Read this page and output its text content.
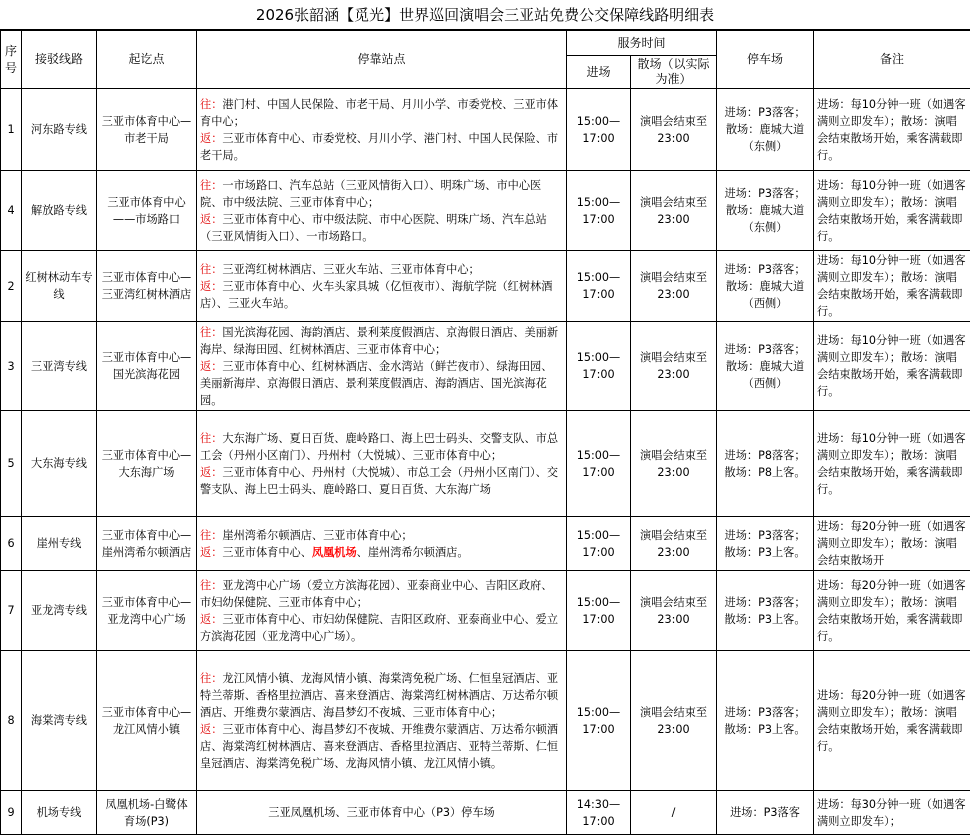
2026张韶涵【觅光】世界巡回演唱会三亚站免费公交保障线路明细表
序号	接驳线路	起讫点	停靠站点	服务时间		停车场	备注
				进场	散场（以实际为准）		
1	河东路专线	三亚市体育中心—市老干局	往：港门村、中国人民保险、市老干局、月川小学、市委党校、三亚市体育中心；
返：三亚市体育中心、市委党校、月川小学、港门村、中国人民保险、市老干局。	15:00—17:00	演唱会结束至23:00	进场：P3落客；散场：鹿城大道（东侧）	进场：每10分钟一班（如遇客满则立即发车）；散场：演唱会结束散场开始，乘客满载即行。
4	解放路专线	三亚市体育中心——市场路口	往：一市场路口、汽车总站（三亚风情街入口）、明珠广场、市中心医院、市中级法院、三亚市体育中心；
返：三亚市体育中心、市中级法院、市中心医院、明珠广场、汽车总站（三亚风情街入口）、一市场路口。	15:00—17:00	演唱会结束至23:00	进场：P3落客；散场：鹿城大道（东侧）	进场：每10分钟一班（如遇客满则立即发车）；散场：演唱会结束散场开始，乘客满载即行。
2	红树林动车专线	三亚市体育中心—三亚湾红树林酒店	往：三亚湾红树林酒店、三亚火车站、三亚市体育中心；
返：三亚市体育中心、火车头家具城（亿恒夜市）、海航学院（红树林酒店）、三亚火车站。	15:00—17:00	演唱会结束至23:00	进场：P3落客；散场：鹿城大道（西侧）	进场：每10分钟一班（如遇客满则立即发车）；散场：演唱会结束散场开始，乘客满载即行。
3	三亚湾专线	三亚市体育中心—国光滨海花园	往：国光滨海花园、海韵酒店、景利莱度假酒店、京海假日酒店、美丽新海岸、绿海田园、红树林酒店、三亚市体育中心；
返：三亚市体育中心、红树林酒店、金水湾站（鲜芒夜市）、绿海田园、美丽新海岸、京海假日酒店、景利莱度假酒店、海韵酒店、国光滨海花园。	15:00—17:00	演唱会结束至23:00	进场：P3落客；散场：鹿城大道（西侧）	进场：每10分钟一班（如遇客满则立即发车）；散场：演唱会结束散场开始，乘客满载即行。
5	大东海专线	三亚市体育中心—大东海广场	往：大东海广场、夏日百货、鹿岭路口、海上巴士码头、交警支队、市总工会（丹州小区南门）、丹州村（大悦城）、三亚市体育中心；
返：三亚市体育中心、丹州村（大悦城）、市总工会（丹州小区南门）、交警支队、海上巴士码头、鹿岭路口、夏日百货、大东海广场	15:00—17:00	演唱会结束至23:00	进场：P8落客；散场：P8上客。	进场：每10分钟一班（如遇客满则立即发车）；散场：演唱会结束散场开始，乘客满载即行。
6	崖州专线	三亚市体育中心—崖州湾希尔顿酒店	往：崖州湾希尔顿酒店、三亚市体育中心；
返：三亚市体育中心、凤凰机场、崖州湾希尔顿酒店。	15:00—17:00	演唱会结束至23:00	进场：P3落客；散场：P3上客。	进场：每20分钟一班（如遇客满则立即发车）；散场：演唱会结束散场开
7	亚龙湾专线	三亚市体育中心—亚龙湾中心广场	往：亚龙湾中心广场（爱立方滨海花园）、亚泰商业中心、吉阳区政府、市妇幼保健院、三亚市体育中心；
返：三亚市体育中心、市妇幼保健院、吉阳区政府、亚泰商业中心、爱立方滨海花园（亚龙湾中心广场）。	15:00—17:00	演唱会结束至23:00	进场：P3落客；散场：P3上客。	进场：每20分钟一班（如遇客满则立即发车）；散场：演唱会结束散场开始，乘客满载即行。
8	海棠湾专线	三亚市体育中心—龙江风情小镇	往：龙江风情小镇、龙海风情小镇、海棠湾免税广场、仁恒皇冠酒店、亚特兰蒂斯、香格里拉酒店、喜来登酒店、海棠湾红树林酒店、万达希尔顿酒店、开维费尔蒙酒店、海昌梦幻不夜城、三亚市体育中心；
返：三亚市体育中心、海昌梦幻不夜城、开维费尔蒙酒店、万达希尔顿酒店、海棠湾红树林酒店、喜来登酒店、香格里拉酒店、亚特兰蒂斯、仁恒皇冠酒店、海棠湾免税广场、龙海风情小镇、龙江风情小镇。	15:00—17:00	演唱会结束至23:00	进场：P3落客；散场：P3上客。	进场：每20分钟一班（如遇客满则立即发车）；散场：演唱会结束散场开始，乘客满载即行。
9	机场专线	凤凰机场-白鹭体育场(P3)	三亚凤凰机场、三亚市体育中心（P3）停车场	14:30—17:00	/	进场：P3落客	进场：每30分钟一班（如遇客满则立即发车）；
